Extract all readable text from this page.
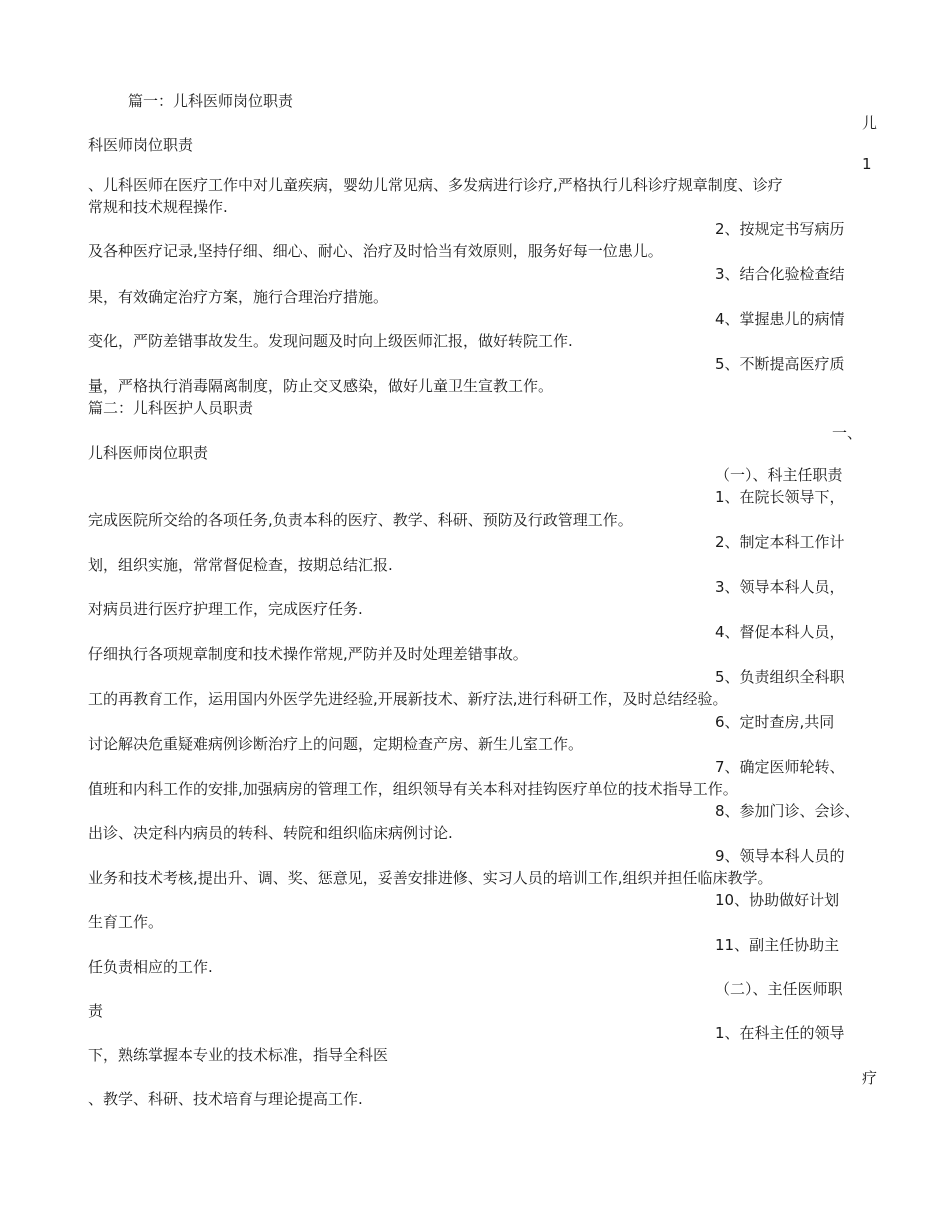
篇一：儿科医师岗位职责
儿
科医师岗位职责
1
、儿科医师在医疗工作中对儿童疾病，婴幼儿常见病、多发病进行诊疗,严格执行儿科诊疗规章制度、诊疗
常规和技术规程操作.
2、按规定书写病历
及各种医疗记录,坚持仔细、细心、耐心、治疗及时恰当有效原则，服务好每一位患儿。
3、结合化验检查结
果，有效确定治疗方案，施行合理治疗措施。
4、掌握患儿的病情
变化，严防差错事故发生。发现问题及时向上级医师汇报，做好转院工作.
5、不断提高医疗质
量，严格执行消毒隔离制度，防止交叉感染，做好儿童卫生宣教工作。
篇二：儿科医护人员职责
一、
儿科医师岗位职责
（一）、科主任职责
1、在院长领导下，
完成医院所交给的各项任务,负责本科的医疗、教学、科研、预防及行政管理工作。
2、制定本科工作计
划，组织实施，常常督促检查，按期总结汇报.
3、领导本科人员，
对病员进行医疗护理工作，完成医疗任务.
4、督促本科人员，
仔细执行各项规章制度和技术操作常规,严防并及时处理差错事故。
5、负责组织全科职
工的再教育工作，运用国内外医学先进经验,开展新技术、新疗法,进行科研工作，及时总结经验。
6、定时查房,共同
讨论解决危重疑难病例诊断治疗上的问题，定期检查产房、新生儿室工作。
7、确定医师轮转、
值班和内科工作的安排,加强病房的管理工作，组织领导有关本科对挂钩医疗单位的技术指导工作。
8、参加门诊、会诊、
出诊、决定科内病员的转科、转院和组织临床病例讨论.
9、领导本科人员的
业务和技术考核,提出升、调、奖、惩意见，妥善安排进修、实习人员的培训工作,组织并担任临床教学。
10、协助做好计划
生育工作。
11、副主任协助主
任负责相应的工作.
（二）、主任医师职
责
1、在科主任的领导
下，熟练掌握本专业的技术标准，指导全科医
疗
、教学、科研、技术培育与理论提高工作.
